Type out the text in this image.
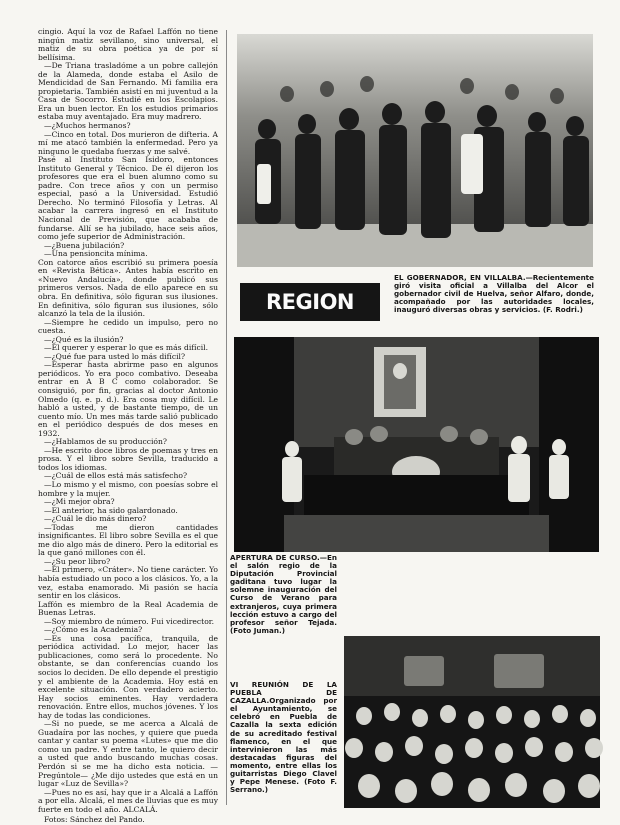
cingio. Aquí la voz de Rafael Laffón no tiene ningún matiz sevillano, sino universal, el matiz de su obra poética ya de por sí bellísima.

—De Triana trasladóme a un pobre callejón de la Alameda, donde estaba el Asilo de Mendicidad de San Fernando. Mi familia era propietaria. También asistí en mi juventud a la Casa de Socorro. Estudié en los Escolapios. Era un buen lector. En los estudios primarios estaba muy aventajado. Era muy madrero.

—¿Muchos hermanos?

—Cinco en total. Dos murieron de difteria. A mí me atacó también la enfermedad. Pero ya ninguno le quedaba fuerzas y me salvé.

Pasé al Instituto San Isidoro, entonces Instituto General y Técnico. De él dijeron los profesores que era el buen alumno como su padre. Con trece años y con un permiso especial, pasó a la Universidad. Estudió Derecho. No terminó Filosofía y Letras. Al acabar la carrera ingresó en el Instituto Nacional de Previsión, que acababa de fundarse. Allí se ha jubilado, hace seis años, como jefe superior de Administración.

—¿Buena jubilación?

—Una pensioncita mínima.

Con catorce años escribió su primera poesía en «Revista Bética». Antes había escrito en «Nuevo Andalucía», donde publicó sus primeros versos. Nada de ello aparece en su obra. En definitiva, sólo figuran sus ilusiones. En definitiva, sólo figuran sus ilusiones, sólo alcanzó la tela de la ilusión.

—Siempre he cedido un impulso, pero no cuesta.

—¿Qué es la ilusión?

—El querer y esperar lo que es más difícil.

—¿Qué fue para usted lo más difícil?

—Esperar hasta abrirme paso en algunos periódicos. Yo era poco combativo. Deseaba entrar en A B C como colaborador. Se consiguió, por fin, gracias al doctor Antonio Olmedo (q. e. p. d.). Era cosa muy difícil. Le habló a usted, y de bastante tiempo, de un cuento mío. Un mes más tarde salió publicado en el periódico después de dos meses en 1932.

—¿Hablamos de su producción?

—He escrito doce libros de poemas y tres en prosa. Y el libro sobre Sevilla, traducido a todos los idiomas.

—¿Cuál de ellos está más satisfecho?

—Lo mismo y el mismo, con poesías sobre el hombre y la mujer.

—¿Mi mejor obra?

—El anterior, ha sido galardonado.

—¿Cuál le dio más dinero?

—Todas me dieron cantidades insignificantes. El libro sobre Sevilla es el que me dio algo más de dinero. Pero la editorial es la que ganó millones con él.

—¿Su peor libro?

—El primero, «Cráter». No tiene carácter. Yo había estudiado un poco a los clásicos. Yo, a la vez, estaba enamorado. Mi pasión se hacía sentir en los clásicos.

Laffón es miembro de la Real Academia de Buenas Letras.

—Soy miembro de número. Fui vicedirector.

—¿Cómo es la Academia?

—Es una cosa pacífica, tranquila, de periódica actividad. Lo mejor, hacer las publicaciones, como será lo procedente. No obstante, se dan conferencias cuando los socios lo deciden. De ello depende el prestigio y el ambiente de la Academia. Hoy está en excelente situación. Con verdadero acierto. Hay socios eminentes. Hay verdadera renovación. Entre ellos, muchos jóvenes. Y los hay de todas las condiciones.

—Si no puede, se me acerca a Alcalá de Guadaíra por las noches, y quiere que pueda cantar y cantar su poema «Lutes» que me dio como un padre. Y entre tanto, le quiero decir a usted que ando buscando muchas cosas. Perdón si se me ha dicho esta noticia. —Pregúntole— ¿Me dijo ustedes que está en un lugar «Luz de Sevilla»?

—Pues no es así, hay que ir a Alcalá a Laffón a por ella. Alcalá, el mes de lluvias que es muy fuerte en todo el año. ALCALÁ.

Fotos: Sánchez del Pando.

EL GOBERNADOR, EN VILLALBA.—Recientemente giró visita oficial a Villalba del Alcor el gobernador civil de Huelva, señor Alfaro, donde, acompañado por las autoridades locales, inauguró diversas obras y servicios. (F. Rodri.)
REGION
APERTURA DE CURSO.—En el salón regio de la Diputación Provincial gaditana tuvo lugar la solemne inauguración del Curso de Verano para extranjeros, cuya primera lección estuvo a cargo del profesor señor Tejada. (Foto Juman.)
VI REUNIÓN DE LA PUEBLA DE CAZALLA.Organizado por el Ayuntamiento, se celebró en Puebla de Cazalla la sexta edición de su acreditado festival flamenco, en el que intervinieron las más destacadas figuras del momento, entre ellas los guitarristas Diego Clavel y Pepe Menese. (Foto F. Serrano.)
